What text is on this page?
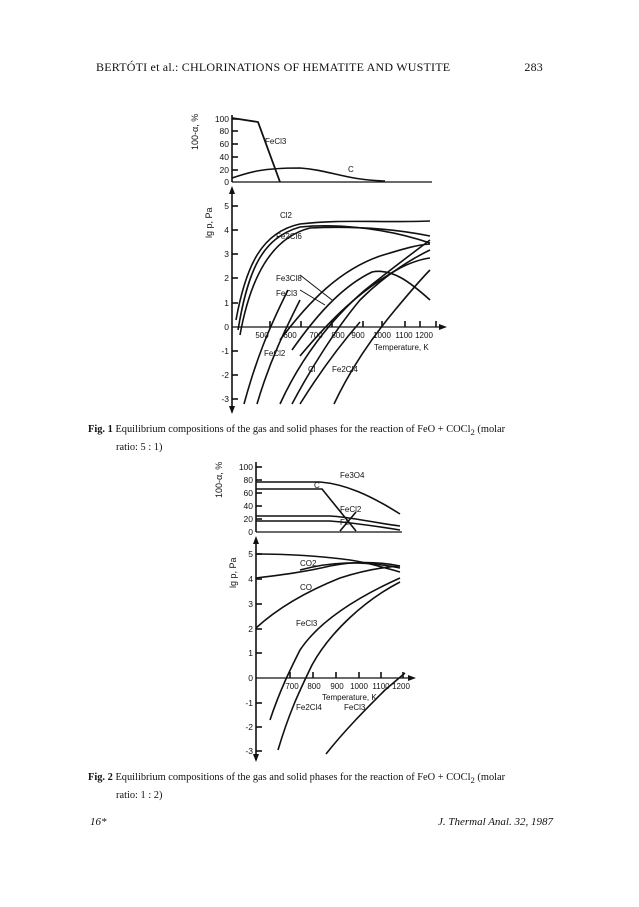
BERTÓTI et al.: CHLORINATIONS OF HEMATITE AND WUSTITE	283
100-α, %
lg p, Pa
100
80
60
40
20
0
5
4
3
2
1
0
-1
-2
-3
500 600 700 800 900 1000 1100 1200
Temperature, K
FeCl3
C
Cl2
Fe2Cl6
Fe3Cl8
FeCl3
FeCl2
Cl Fe2Cl4
Fig. 1 Equilibrium compositions of the gas and solid phases for the reaction of FeO + COCl$_2$ (molar
ratio: 5 : 1)
100-α, %
lg p, Pa
100
80
60
40
20
0
5
4
3
2
1
0
-1
-2
-3
700 800 900 1000 1100 1200
Temperature, K
Fe3O4
C
FeCl2
Fe
CO2
CO
FeCl3
Fe2Cl4	FeCl3
Fig. 2 Equilibrium compositions of the gas and solid phases for the reaction of FeO + COCl$_2$ (molar
ratio: 1 : 2)
16*	J. Thermal Anal. 32, 1987
